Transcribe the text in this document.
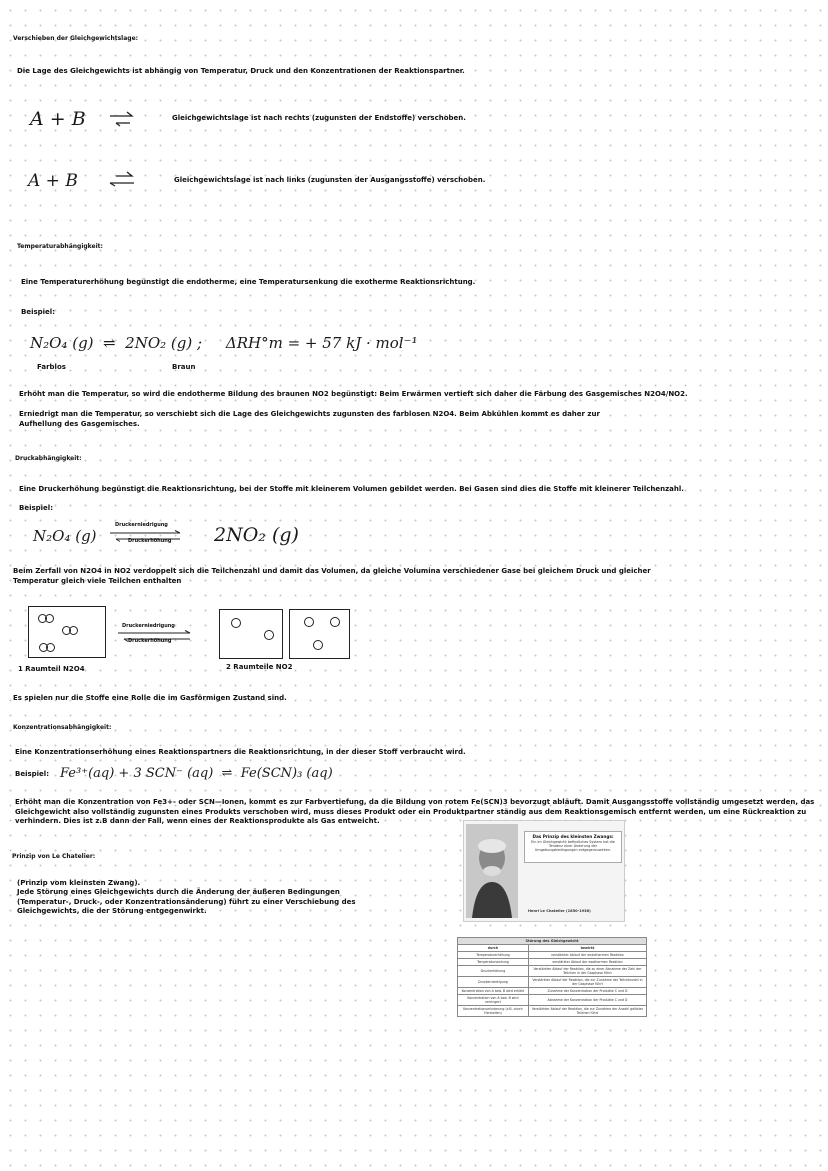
Verschieben der Gleichgewichtslage:
Die Lage des Gleichgewichts ist abhängig von Temperatur, Druck und den Konzentrationen der Reaktionspartner.
A + B	Gleichgewichtslage ist nach rechts (zugunsten der Endstoffe) verschoben.
A + B	Gleichgewichtslage ist nach links (zugunsten der Ausgangsstoffe) verschoben.
Temperaturabhängigkeit:
Eine Temperaturerhöhung begünstigt die endotherme, eine Temperatursenkung die exotherme Reaktionsrichtung.
Beispiel:
N₂O₄ (g)  ⇌  2NO₂ (g) ;     ΔRH°m = + 57 kJ · mol⁻¹
Farblos	Braun
Erhöht man die Temperatur, so wird die endotherme Bildung des braunen NO2 begünstigt: Beim Erwärmen vertieft sich daher die Färbung des Gasgemisches N2O4/NO2.
Erniedrigt man die Temperatur, so verschiebt sich die Lage des Gleichgewichts zugunsten des farblosen N2O4. Beim Abkühlen kommt es daher zur Aufhellung des Gasgemisches.
Druckabhängigkeit:
Eine Druckerhöhung begünstigt die Reaktionsrichtung, bei der Stoffe mit kleinerem Volumen gebildet werden. Bei Gasen sind dies die Stoffe mit kleinerer Teilchenzahl.
Beispiel:
N₂O₄ (g)
Druckerniedrigung
Druckerhöhung 2NO₂ (g)
Beim Zerfall von N2O4 in NO2 verdoppelt sich die Teilchenzahl und damit das Volumen, da gleiche Volumina verschiedener Gase bei gleichem Druck und gleicher Temperatur gleich viele Teilchen enthalten
Druckerniedrigung
Druckerhöhung
1 Raumteil N2O4	2 Raumteile NO2
Es spielen nur die Stoffe eine Rolle die im Gasförmigen Zustand sind.
Konzentrationsabhängigkeit:
Eine Konzentrationserhöhung eines Reaktionspartners die Reaktionsrichtung, in der dieser Stoff verbraucht wird.
Beispiel: Fe³⁺(aq) + 3 SCN⁻ (aq)  ⇌  Fe(SCN)₃ (aq)
Erhöht man die Konzentration von Fe3+- oder SCN—Ionen, kommt es zur Farbvertiefung, da die Bildung von rotem Fe(SCN)3 bevorzugt abläuft. Damit Ausgangsstoffe vollständig umgesetzt werden, das Gleichgewicht also vollständig zugunsten eines Produkts verschoben wird, muss dieses Produkt oder ein Produktpartner ständig aus dem Reaktionsgemisch entfernt werden, um eine Rückreaktion zu verhindern. Dies ist z.B dann der Fall, wenn eines der Reaktionsprodukte als Gas entweicht.
Prinzip von Le Chatelier:
(Prinzip vom kleinsten Zwang).
Jede Störung eines Gleichgewichts durch die Änderung der äußeren Bedingungen (Temperatur-, Druck-, oder Konzentrationsänderung) führt zu einer Verschiebung des Gleichgewichts, die der Störung entgegenwirkt.
Das Prinzip des kleinsten Zwangs:
Ein im Gleichgewicht befindliches System hat die Tendenz einer Änderung der Umgebungsbedingungen entgegenzuwirken.
Henri Le Chatelier (1850-1936)
Störung des Gleichgewicht	
durch	bewirkt
Temperaturerhöhung	verstärkter Ablauf der endothermen Reaktion
Temperatursenkung	verstärkter Ablauf der exothermen Reaktion
Druckerhöhung	Verstärkter Ablauf der Reaktion, die zu einer Abnahme der Zahl der Teilchen in der Gasphase führt
Druckerniedrigung	Verstärkter Ablauf der Reaktion, die zur Zunahme der Teilchenzahl in der Gasphase führt
Konzentration von A bzw. B wird erhöht	Zunahme der Konzentration der Produkte C und D
Konzentration von A bzw. B wird verringert	Abnahme der Konzentration der Produkte C und D
Konzentrationsminderung (z.B. durch Herstellen)	Verstärkter Ablauf der Reaktion, die zur Zunahme der Anzahl gelöster Teilchen führt
